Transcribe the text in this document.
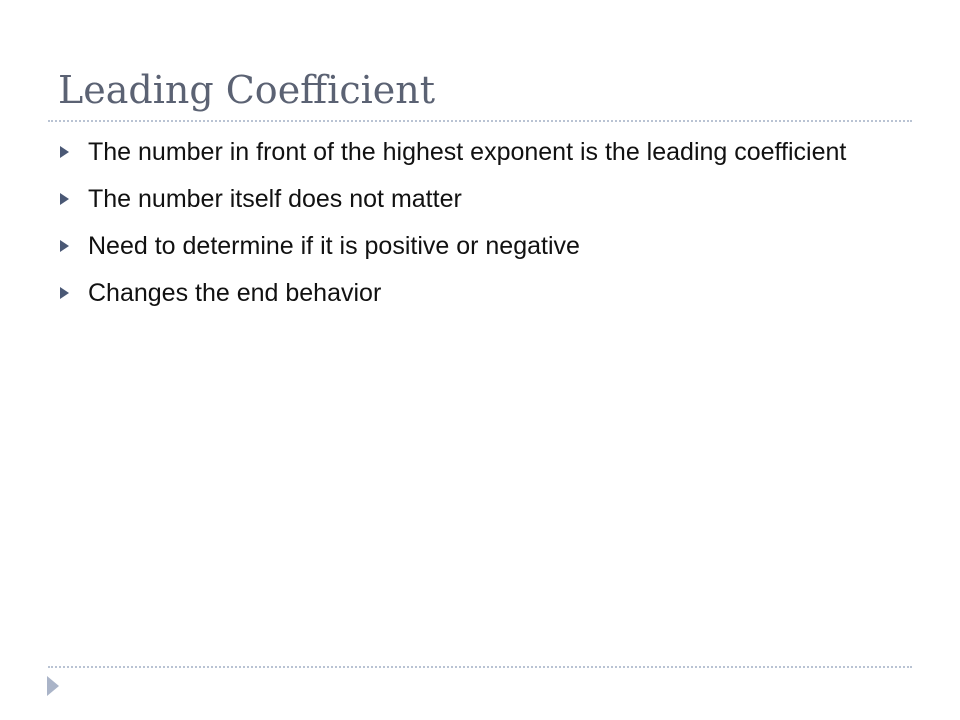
Leading Coefficient
The number in front of the highest exponent is the leading coefficient
The number itself does not matter
Need to determine if it is positive or negative
Changes the end behavior
